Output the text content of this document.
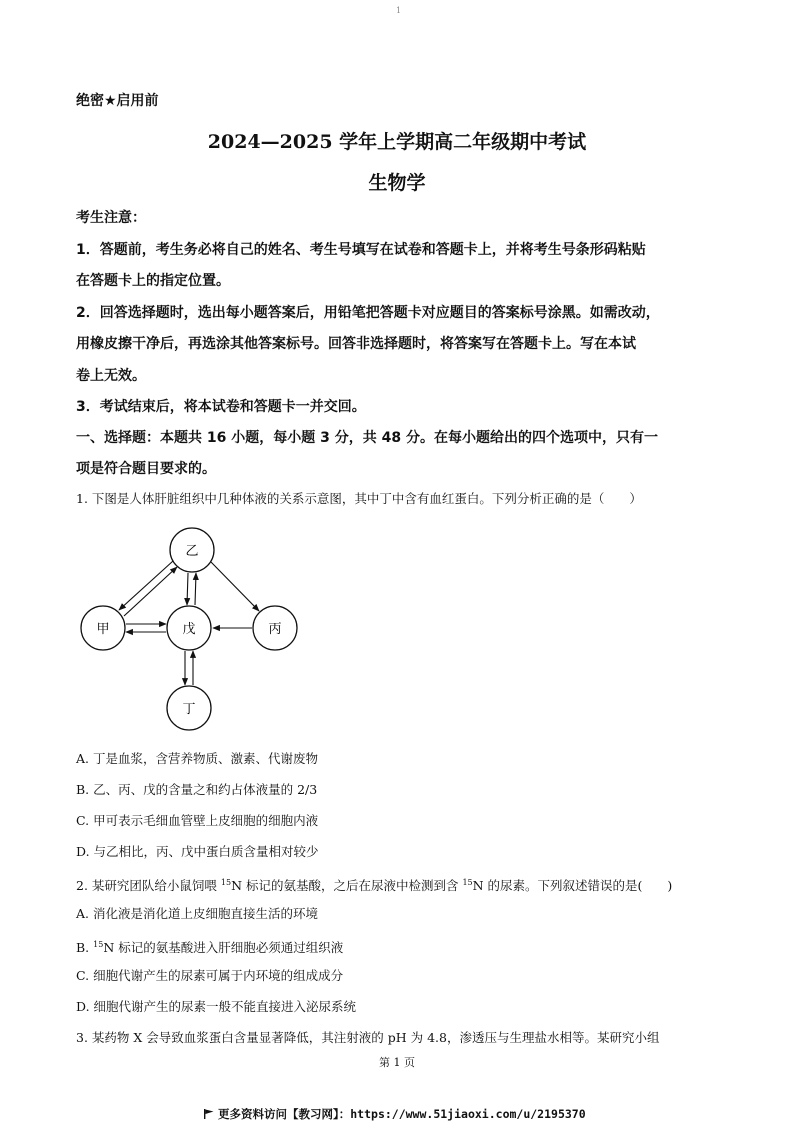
1
绝密★启用前
2024—2025 学年上学期高二年级期中考试
生物学
考生注意：
1．答题前，考生务必将自己的姓名、考生号填写在试卷和答题卡上，并将考生号条形码粘贴
在答题卡上的指定位置。
2．回答选择题时，选出每小题答案后，用铅笔把答题卡对应题目的答案标号涂黑。如需改动，
用橡皮擦干净后，再选涂其他答案标号。回答非选择题时，将答案写在答题卡上。写在本试
卷上无效。
3．考试结束后，将本试卷和答题卡一并交回。
一、选择题：本题共 16 小题，每小题 3 分，共 48 分。在每小题给出的四个选项中，只有一
项是符合题目要求的。
1. 下图是人体肝脏组织中几种体液的关系示意图，其中丁中含有血红蛋白。下列分析正确的是（　　）
乙
甲	戊	丙
丁
A. 丁是血浆，含营养物质、激素、代谢废物
B. 乙、丙、戊的含量之和约占体液量的 2/3
C. 甲可表示毛细血管壁上皮细胞的细胞内液
D. 与乙相比，丙、戊中蛋白质含量相对较少
2. 某研究团队给小鼠饲喂 $^{15}$N 标记的氨基酸，之后在尿液中检测到含 $^{15}$N 的尿素。下列叙述错误的是(　　)
A. 消化液是消化道上皮细胞直接生活的环境
B. $^{15}$N 标记的氨基酸进入肝细胞必须通过组织液
C. 细胞代谢产生的尿素可属于内环境的组成成分
D. 细胞代谢产生的尿素一般不能直接进入泌尿系统
3. 某药物 X 会导致血浆蛋白含量显著降低，其注射液的 pH 为 4.8，渗透压与生理盐水相等。某研究小组
第 1 页
更多资料访问【教习网】：https://www.51jiaoxi.com/u/2195370
